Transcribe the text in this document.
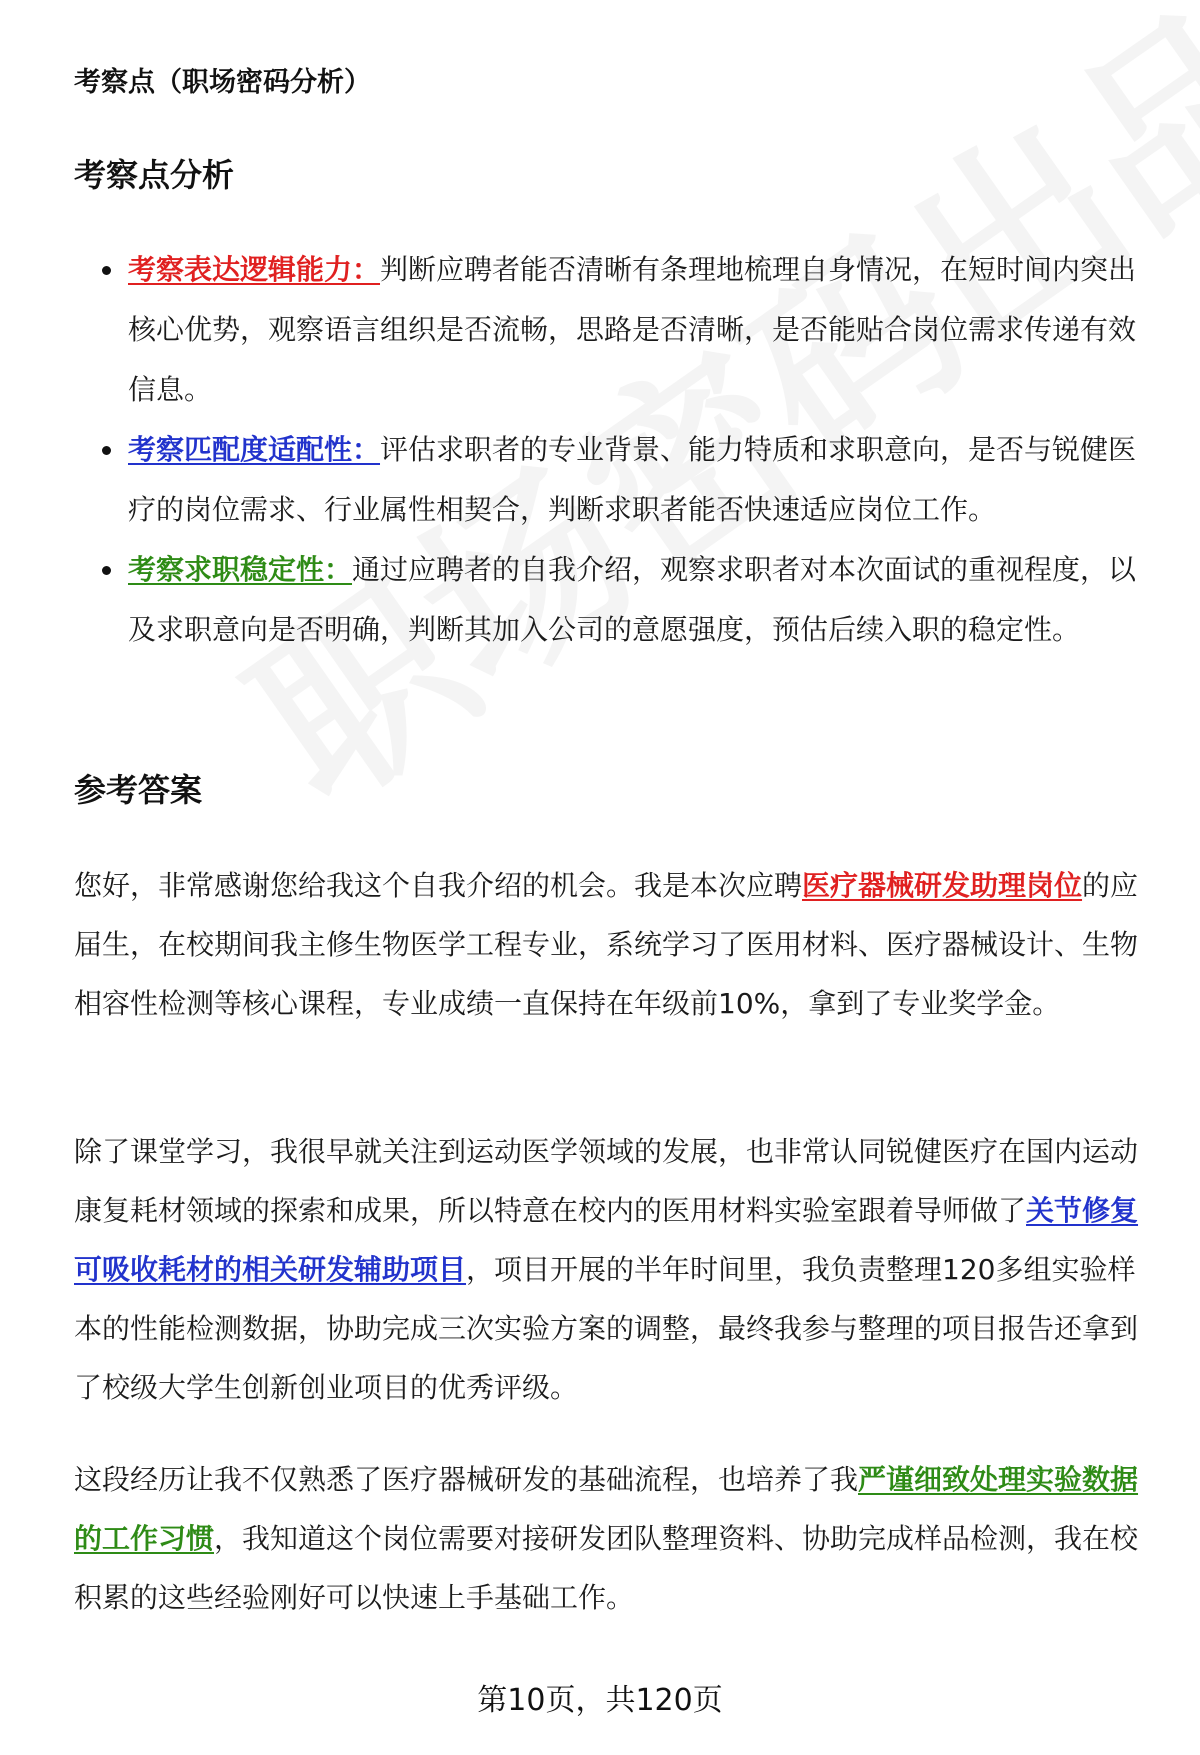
考察点（职场密码分析）
考察点分析
考察表达逻辑能力：判断应聘者能否清晰有条理地梳理自身情况，在短时间内突出核心优势，观察语言组织是否流畅，思路是否清晰，是否能贴合岗位需求传递有效信息。
考察匹配度适配性：评估求职者的专业背景、能力特质和求职意向，是否与锐健医疗的岗位需求、行业属性相契合，判断求职者能否快速适应岗位工作。
考察求职稳定性：通过应聘者的自我介绍，观察求职者对本次面试的重视程度，以及求职意向是否明确，判断其加入公司的意愿强度，预估后续入职的稳定性。
参考答案

您好，非常感谢您给我这个自我介绍的机会。我是本次应聘医疗器械研发助理岗位的应届生，在校期间我主修生物医学工程专业，系统学习了医用材料、医疗器械设计、生物相容性检测等核心课程，专业成绩一直保持在年级前10%，拿到了专业奖学金。

除了课堂学习，我很早就关注到运动医学领域的发展，也非常认同锐健医疗在国内运动康复耗材领域的探索和成果，所以特意在校内的医用材料实验室跟着导师做了关节修复可吸收耗材的相关研发辅助项目，项目开展的半年时间里，我负责整理120多组实验样本的性能检测数据，协助完成三次实验方案的调整，最终我参与整理的项目报告还拿到了校级大学生创新创业项目的优秀评级。

这段经历让我不仅熟悉了医疗器械研发的基础流程，也培养了我严谨细致处理实验数据的工作习惯，我知道这个岗位需要对接研发团队整理资料、协助完成样品检测，我在校积累的这些经验刚好可以快速上手基础工作。

第10页，共120页
